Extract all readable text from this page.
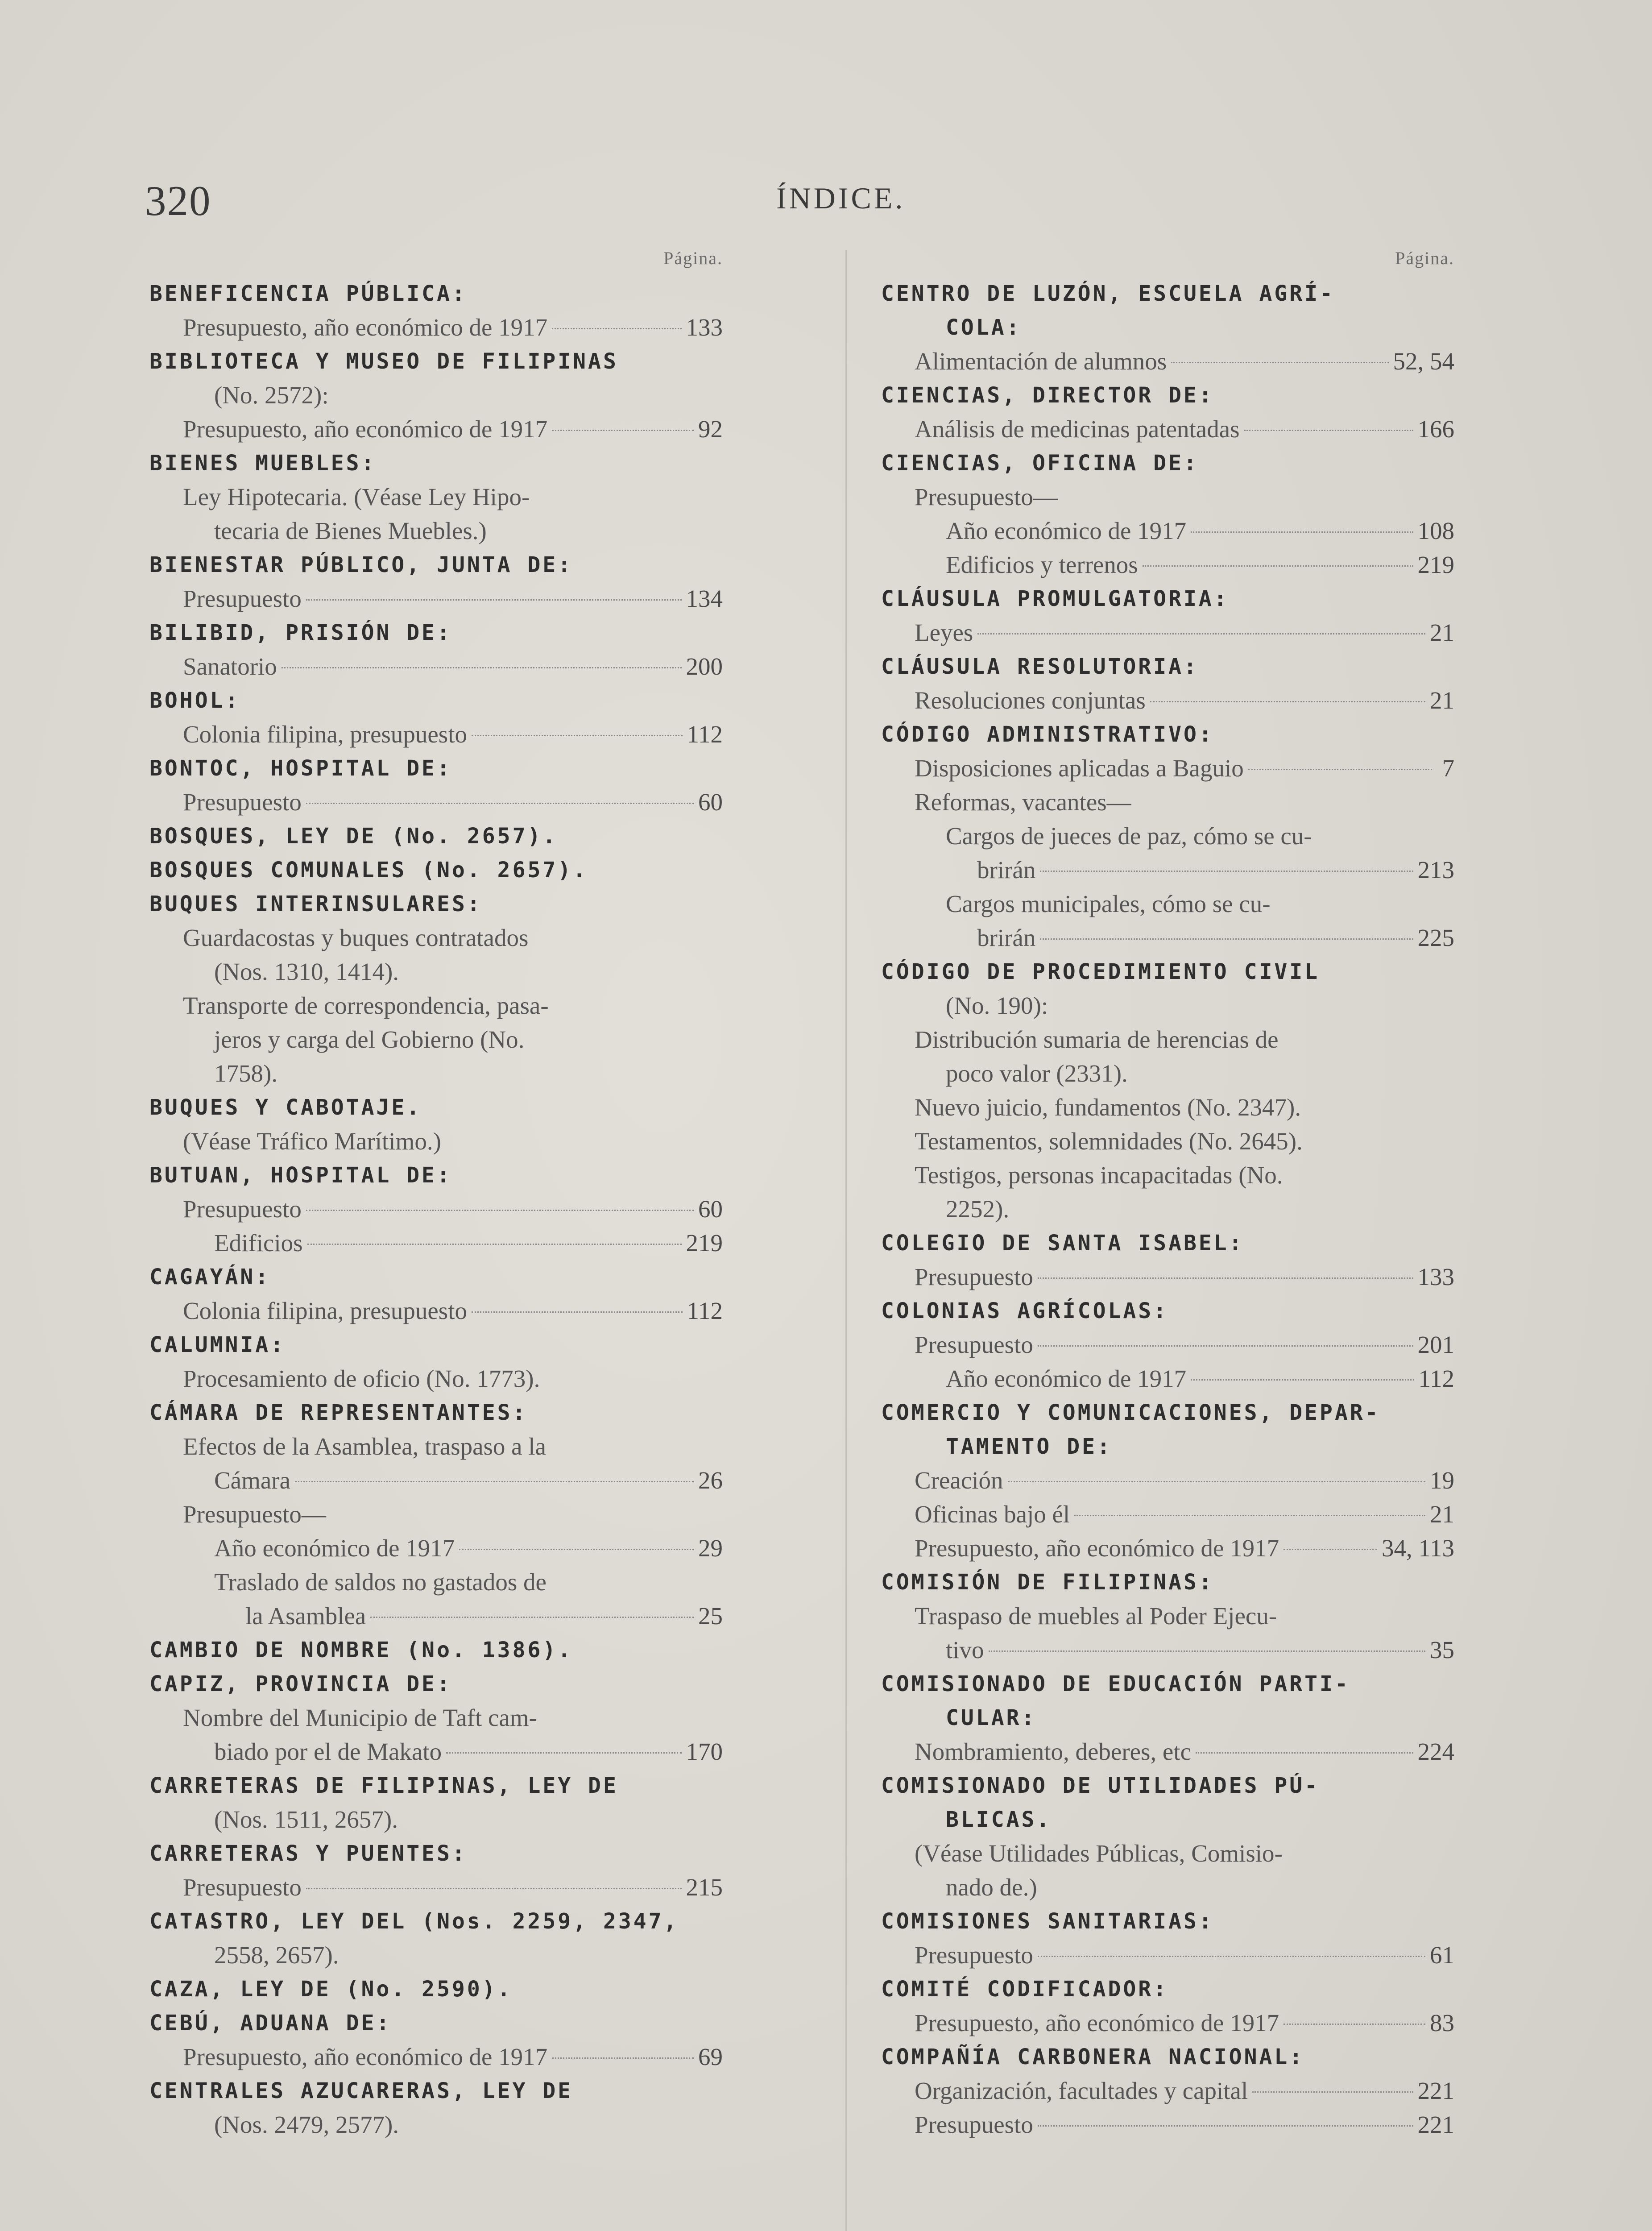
320	ÍNDICE.
Página.
BENEFICENCIA PÚBLICA:
Presupuesto, año económico de 1917	133
BIBLIOTECA Y MUSEO DE FILIPINAS
(No. 2572):
Presupuesto, año económico de 1917	92
BIENES MUEBLES:
Ley Hipotecaria. (Véase Ley Hipo-
tecaria de Bienes Muebles.)
BIENESTAR PÚBLICO, JUNTA DE:
Presupuesto	134
BILIBID, PRISIÓN DE:
Sanatorio	200
BOHOL:
Colonia filipina, presupuesto	112
BONTOC, HOSPITAL DE:
Presupuesto	60
BOSQUES, LEY DE (No. 2657).
BOSQUES COMUNALES (No. 2657).
BUQUES INTERINSULARES:
Guardacostas y buques contratados
(Nos. 1310, 1414).
Transporte de correspondencia, pasa-
jeros y carga del Gobierno (No.
1758).
BUQUES Y CABOTAJE.
(Véase Tráfico Marítimo.)
BUTUAN, HOSPITAL DE:
Presupuesto	60
Edificios	219
CAGAYÁN:
Colonia filipina, presupuesto	112
CALUMNIA:
Procesamiento de oficio (No. 1773).
CÁMARA DE REPRESENTANTES:
Efectos de la Asamblea, traspaso a la
Cámara	26
Presupuesto—
Año económico de 1917	29
Traslado de saldos no gastados de
la Asamblea	25
CAMBIO DE NOMBRE (No. 1386).
CAPIZ, PROVINCIA DE:
Nombre del Municipio de Taft cam-
biado por el de Makato	170
CARRETERAS DE FILIPINAS, LEY DE
(Nos. 1511, 2657).
CARRETERAS Y PUENTES:
Presupuesto	215
CATASTRO, LEY DEL (Nos. 2259, 2347,
2558, 2657).
CAZA, LEY DE (No. 2590).
CEBÚ, ADUANA DE:
Presupuesto, año económico de 1917	69
CENTRALES AZUCARERAS, LEY DE
(Nos. 2479, 2577).
Página.
CENTRO DE LUZÓN, ESCUELA AGRÍ-
COLA:
Alimentación de alumnos	52, 54
CIENCIAS, DIRECTOR DE:
Análisis de medicinas patentadas	166
CIENCIAS, OFICINA DE:
Presupuesto—
Año económico de 1917	108
Edificios y terrenos	219
CLÁUSULA PROMULGATORIA:
Leyes	21
CLÁUSULA RESOLUTORIA:
Resoluciones conjuntas	21
CÓDIGO ADMINISTRATIVO:
Disposiciones aplicadas a Baguio	7
Reformas, vacantes—
Cargos de jueces de paz, cómo se cu-
brirán	213
Cargos municipales, cómo se cu-
brirán	225
CÓDIGO DE PROCEDIMIENTO CIVIL
(No. 190):
Distribución sumaria de herencias de
poco valor (2331).
Nuevo juicio, fundamentos (No. 2347).
Testamentos, solemnidades (No. 2645).
Testigos, personas incapacitadas (No.
2252).
COLEGIO DE SANTA ISABEL:
Presupuesto	133
COLONIAS AGRÍCOLAS:
Presupuesto	201
Año económico de 1917	112
COMERCIO Y COMUNICACIONES, DEPAR-
TAMENTO DE:
Creación	19
Oficinas bajo él	21
Presupuesto, año económico de 1917	34, 113
COMISIÓN DE FILIPINAS:
Traspaso de muebles al Poder Ejecu-
tivo	35
COMISIONADO DE EDUCACIÓN PARTI-
CULAR:
Nombramiento, deberes, etc	224
COMISIONADO DE UTILIDADES PÚ-
BLICAS.
(Véase Utilidades Públicas, Comisio-
nado de.)
COMISIONES SANITARIAS:
Presupuesto	61
COMITÉ CODIFICADOR:
Presupuesto, año económico de 1917	83
COMPAÑÍA CARBONERA NACIONAL:
Organización, facultades y capital	221
Presupuesto	221
